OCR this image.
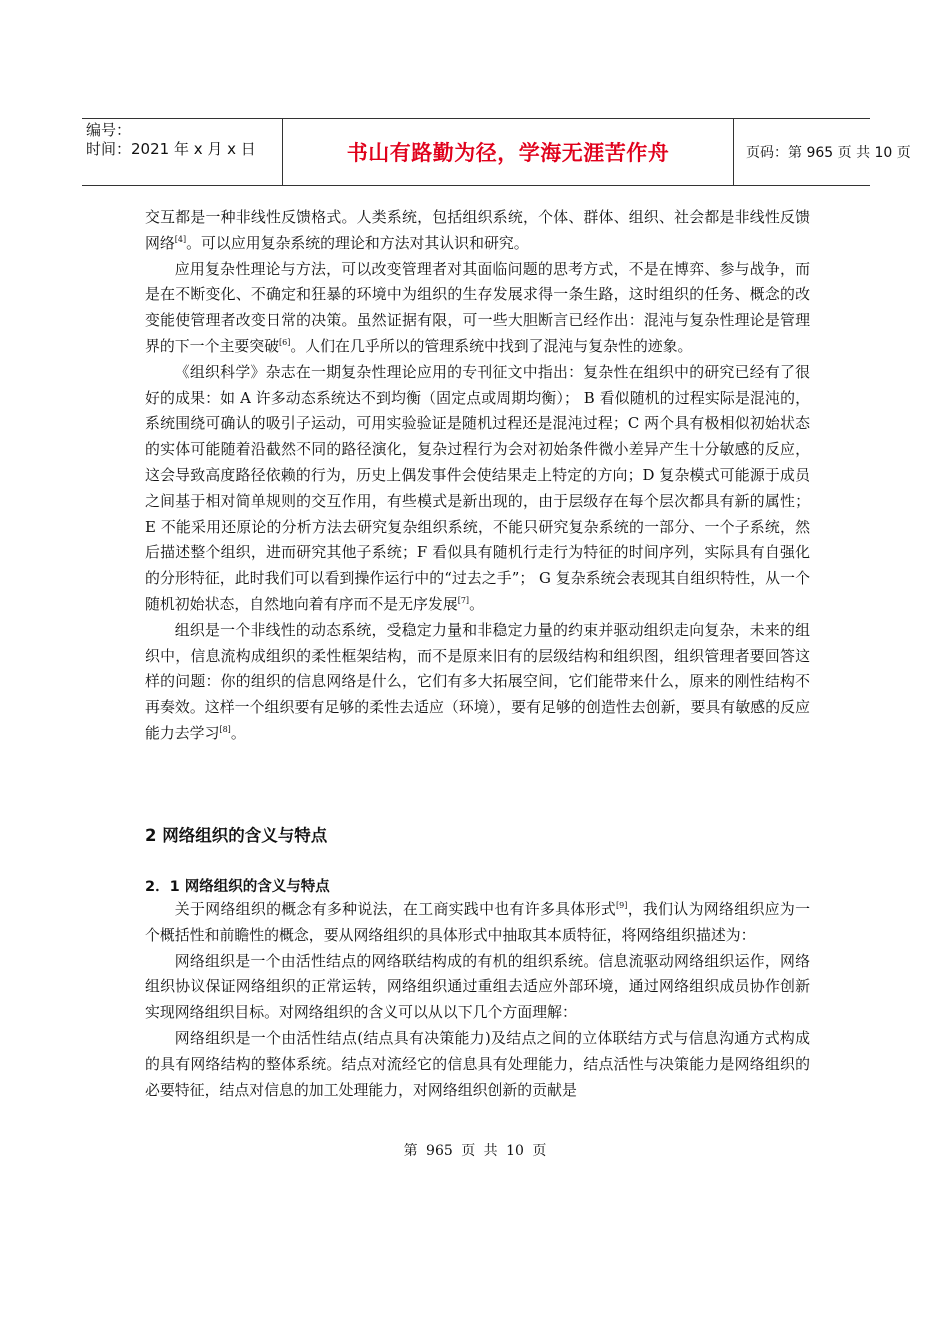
编号：
时间：2021 年 x 月 x 日	书山有路勤为径，学海无涯苦作舟	页码：第 965 页 共 10 页

交互都是一种非线性反馈格式。人类系统，包括组织系统，个体、群体、组织、社会都是非线性反馈网络[4]。可以应用复杂系统的理论和方法对其认识和研究。

应用复杂性理论与方法，可以改变管理者对其面临问题的思考方式，不是在博弈、参与战争，而是在不断变化、不确定和狂暴的环境中为组织的生存发展求得一条生路，这时组织的任务、概念的改变能使管理者改变日常的决策。虽然证据有限，可一些大胆断言已经作出：混沌与复杂性理论是管理界的下一个主要突破[6]。人们在几乎所以的管理系统中找到了混沌与复杂性的迹象。

《组织科学》杂志在一期复杂性理论应用的专刊征文中指出：复杂性在组织中的研究已经有了很好的成果：如 A 许多动态系统达不到均衡（固定点或周期均衡）； B 看似随机的过程实际是混沌的，系统围绕可确认的吸引子运动，可用实验验证是随机过程还是混沌过程；C 两个具有极相似初始状态的实体可能随着沿截然不同的路径演化，复杂过程行为会对初始条件微小差异产生十分敏感的反应，这会导致高度路径依赖的行为，历史上偶发事件会使结果走上特定的方向；D 复杂模式可能源于成员之间基于相对简单规则的交互作用，有些模式是新出现的，由于层级存在每个层次都具有新的属性；E 不能采用还原论的分析方法去研究复杂组织系统，不能只研究复杂系统的一部分、一个子系统，然后描述整个组织，进而研究其他子系统；F 看似具有随机行走行为特征的时间序列，实际具有自强化的分形特征，此时我们可以看到操作运行中的“过去之手”； G 复杂系统会表现其自组织特性，从一个随机初始状态，自然地向着有序而不是无序发展[7]。

组织是一个非线性的动态系统，受稳定力量和非稳定力量的约束并驱动组织走向复杂，未来的组织中，信息流构成组织的柔性框架结构，而不是原来旧有的层级结构和组织图，组织管理者要回答这样的问题：你的组织的信息网络是什么，它们有多大拓展空间，它们能带来什么，原来的刚性结构不再奏效。这样一个组织要有足够的柔性去适应（环境），要有足够的创造性去创新，要具有敏感的反应能力去学习[8]。

2 网络组织的含义与特点
2．1 网络组织的含义与特点

关于网络组织的概念有多种说法，在工商实践中也有许多具体形式[9]，我们认为网络组织应为一个概括性和前瞻性的概念，要从网络组织的具体形式中抽取其本质特征，将网络组织描述为：

网络组织是一个由活性结点的网络联结构成的有机的组织系统。信息流驱动网络组织运作，网络组织协议保证网络组织的正常运转，网络组织通过重组去适应外部环境，通过网络组织成员协作创新实现网络组织目标。对网络组织的含义可以从以下几个方面理解：

网络组织是一个由活性结点(结点具有决策能力)及结点之间的立体联结方式与信息沟通方式构成的具有网络结构的整体系统。结点对流经它的信息具有处理能力，结点活性与决策能力是网络组织的必要特征，结点对信息的加工处理能力，对网络组织创新的贡献是

第 965 页 共 10 页
